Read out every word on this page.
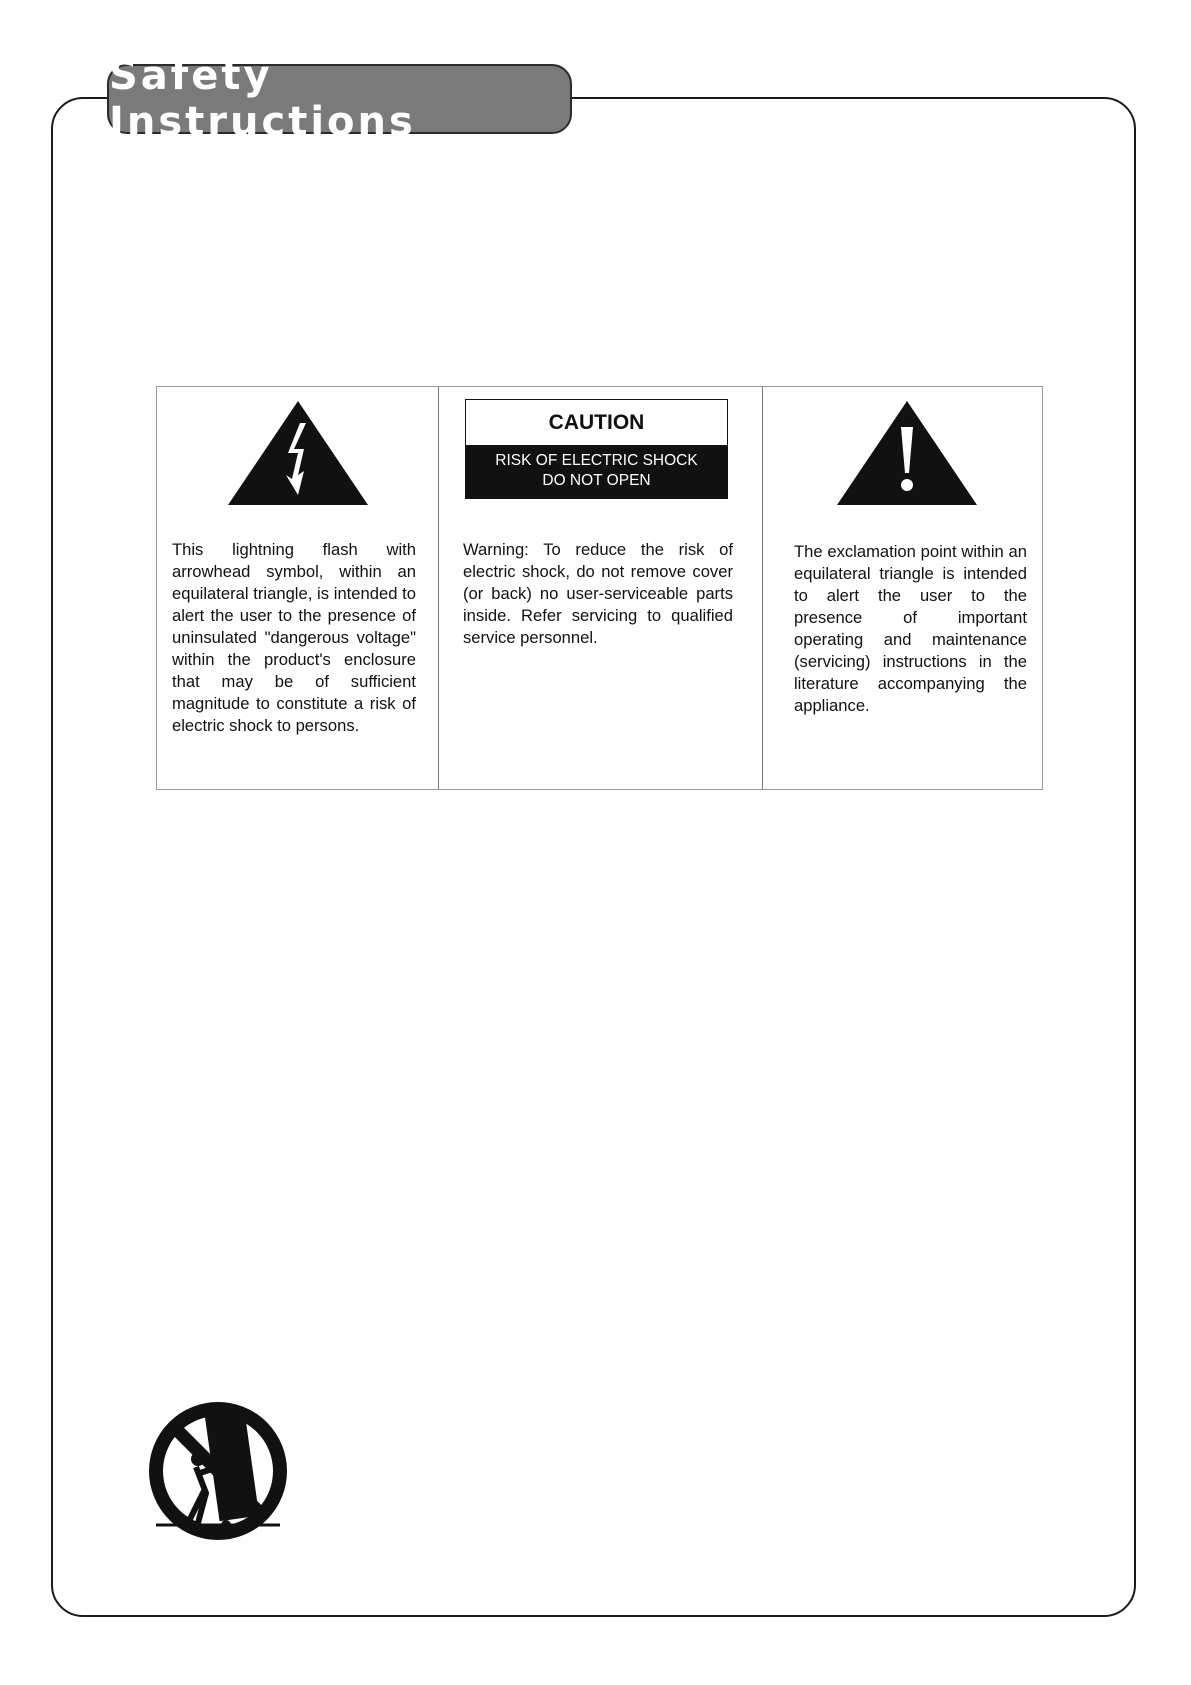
Safety Instructions
This lightning flash with arrowhead symbol, within an equilateral triangle, is intended to alert the user to the presence of uninsulated "dangerous voltage" within the product's enclosure that may be of sufficient magnitude to constitute a risk of electric shock to persons.
CAUTION
RISK OF ELECTRIC SHOCK
DO NOT OPEN
Warning: To reduce the risk of electric shock, do not remove cover (or back) no user-serviceable parts inside. Refer servicing to qualified service personnel.
The exclamation point within an equilateral triangle is intended to alert the user to the presence of important operating and maintenance (servicing) instructions in the literature accompanying the appliance.
